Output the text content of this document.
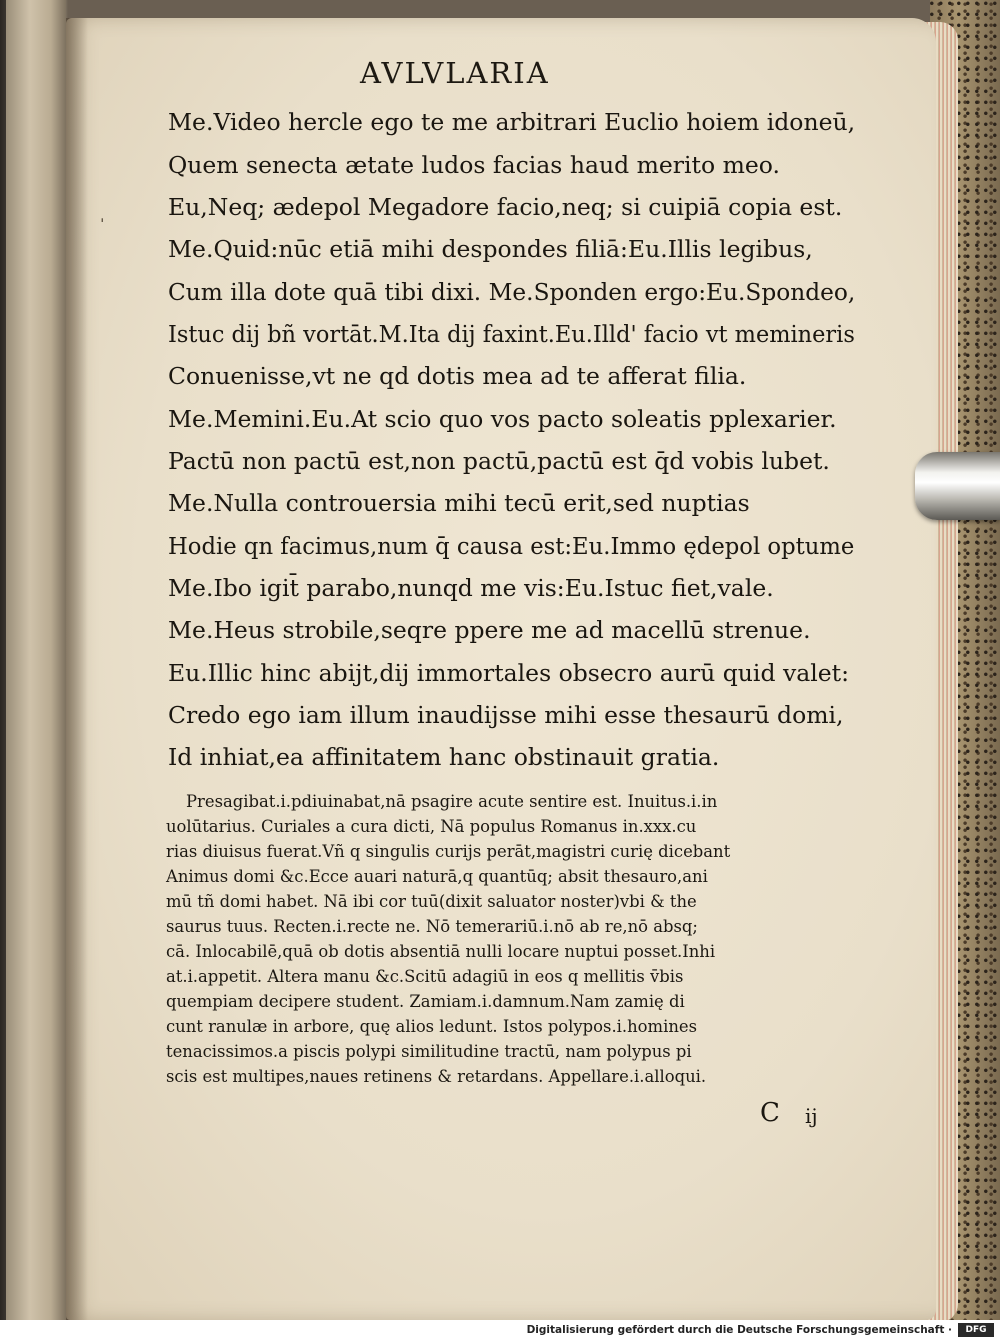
ˌ
AVLVLARIA
Me.Video hercle ego te me arbitrari Euclio hoiem idoneū,
Quem senecta ætate ludos facias haud merito meo.
Eu,Neq; ædepol Megadore facio,neq; si cuipiā copia est.
Me.Quid:nūc etiā mihi despondes filiā:Eu.Illis legibus,
Cum illa dote quā tibi dixi. Me.Sponden ergo:Eu.Spondeo,
Istuc dij bñ vortāt.M.Ita dij faxint.Eu.Illd' facio vt memineris
Conuenisse,vt ne qd dotis mea ad te afferat filia.
Me.Memini.Eu.At scio quo vos pacto soleatis pplexarier.
Pactū non pactū est,non pactū,pactū est q̄d vobis lubet.
Me.Nulla controuersia mihi tecū erit,sed nuptias
Hodie qn facimus,num q̄ causa est:Eu.Immo ędepol optume
Me.Ibo igit̄ parabo,nunqd me vis:Eu.Istuc fiet,vale.
Me.Heus strobile,seqre ppere me ad macellū strenue.
Eu.Illic hinc abijt,dij immortales obsecro aurū quid valet:
Credo ego iam illum inaudijsse mihi esse thesaurū domi,
Id inhiat,ea affinitatem hanc obstinauit gratia.
Presagibat.i.pdiuinabat,nā psagire acute sentire est. Inuitus.i.in
uolūtarius. Curiales a cura dicti, Nā populus Romanus in.xxx.cu
rias diuisus fuerat.Vñ q singulis curijs perāt,magistri curię dicebant
Animus domi &c.Ecce auari naturā,q quantūq; absit thesauro,ani
mū tñ domi habet. Nā ibi cor tuū(dixit saluator noster)vbi & the
saurus tuus. Recten.i.recte ne. Nō temerariū.i.nō ab re,nō absq;
cā. Inlocabilē,quā ob dotis absentiā nulli locare nuptui posset.Inhi
at.i.appetit. Altera manu &c.Scitū adagiū in eos q mellitis v̄bis
quempiam decipere student. Zamiam.i.damnum.Nam zamię di
cunt ranulæ in arbore, quę alios ledunt. Istos polypos.i.homines
tenacissimos.a piscis polypi similitudine tractū, nam polypus pi
scis est multipes,naues retinens & retardans. Appellare.i.alloqui.
C ij
Digitalisierung gefördert durch die Deutsche Forschungsgemeinschaft ·	DFG
